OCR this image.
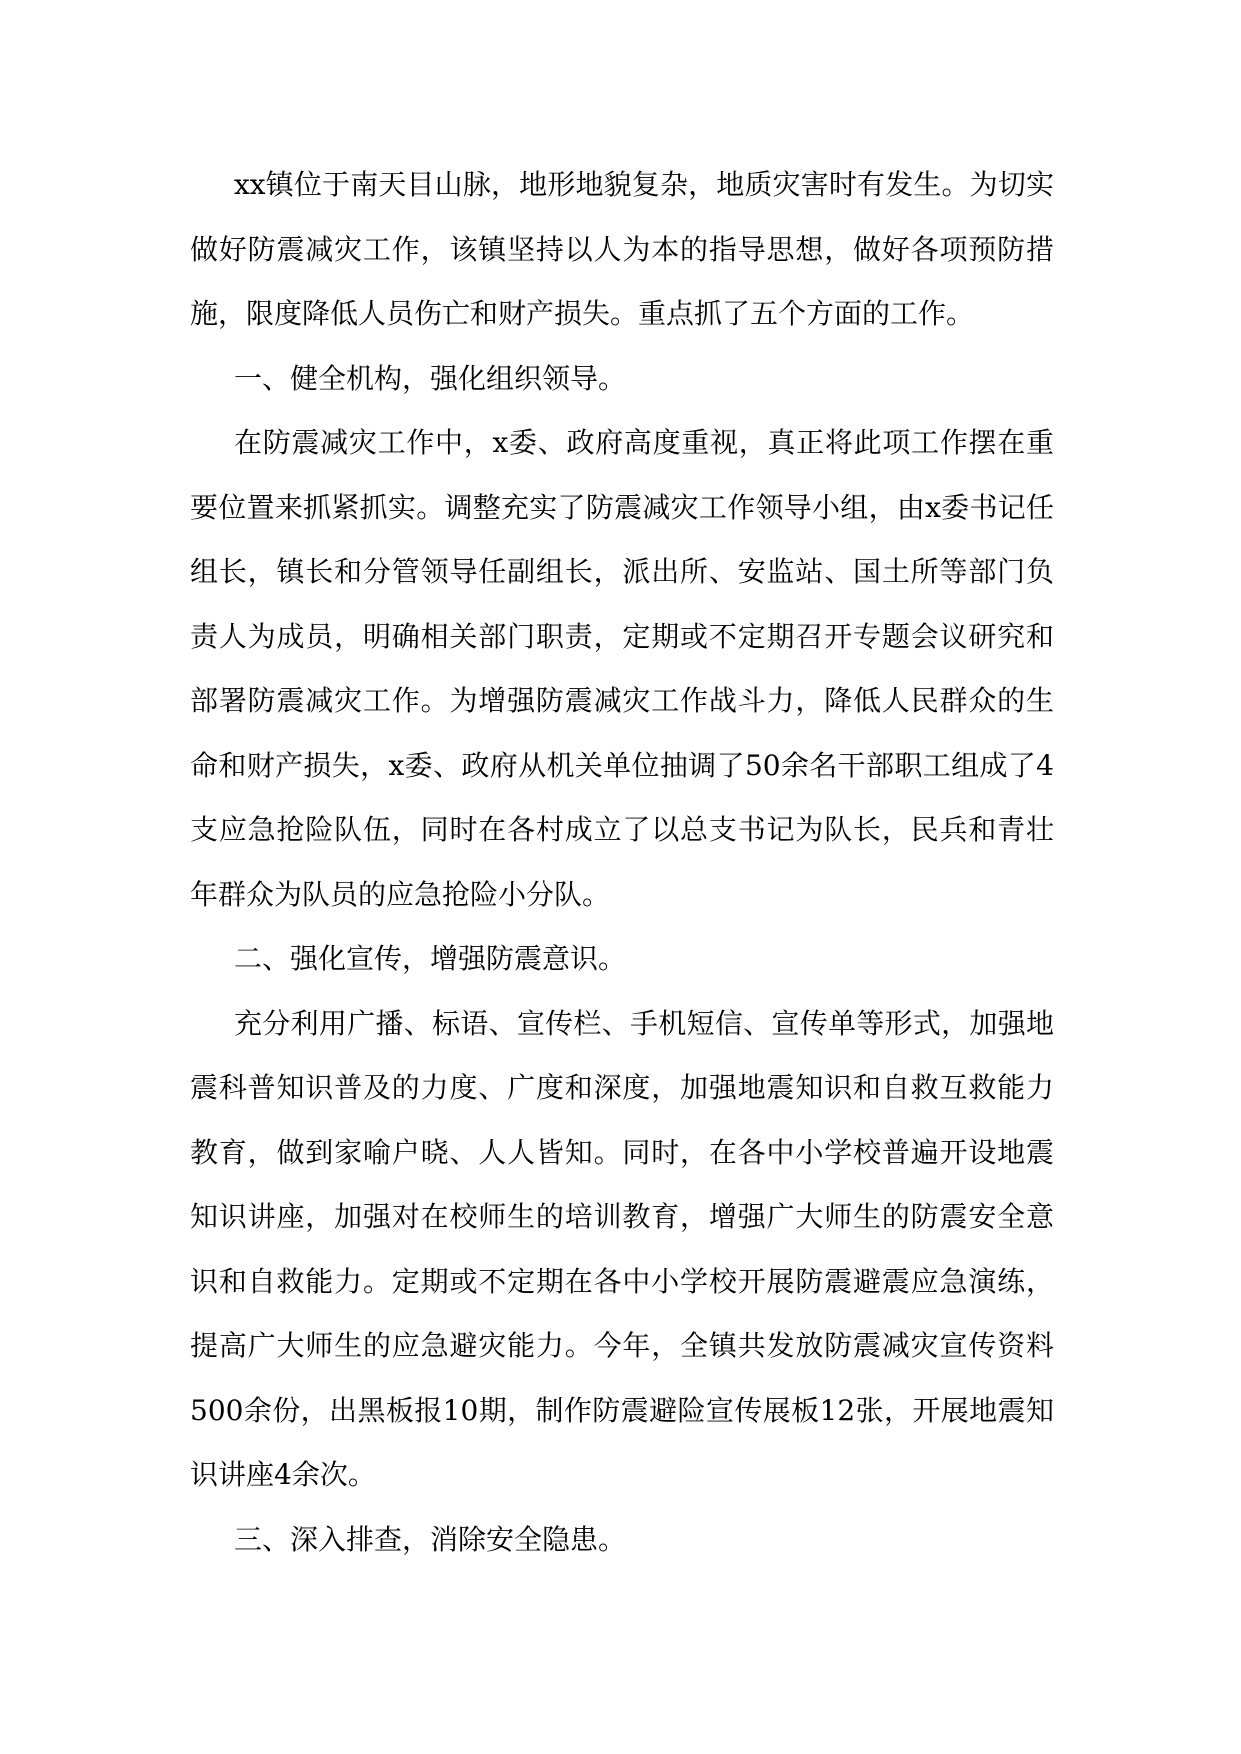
xx镇位于南天目山脉，地形地貌复杂，地质灾害时有发生。为切实做好防震减灾工作，该镇坚持以人为本的指导思想，做好各项预防措施，限度降低人员伤亡和财产损失。重点抓了五个方面的工作。

一、健全机构，强化组织领导。

在防震减灾工作中，x委、政府高度重视，真正将此项工作摆在重要位置来抓紧抓实。调整充实了防震减灾工作领导小组，由x委书记任组长，镇长和分管领导任副组长，派出所、安监站、国土所等部门负责人为成员，明确相关部门职责，定期或不定期召开专题会议研究和部署防震减灾工作。为增强防震减灾工作战斗力，降低人民群众的生命和财产损失，x委、政府从机关单位抽调了50余名干部职工组成了4支应急抢险队伍，同时在各村成立了以总支书记为队长，民兵和青壮年群众为队员的应急抢险小分队。

二、强化宣传，增强防震意识。

充分利用广播、标语、宣传栏、手机短信、宣传单等形式，加强地震科普知识普及的力度、广度和深度，加强地震知识和自救互救能力教育，做到家喻户晓、人人皆知。同时，在各中小学校普遍开设地震知识讲座，加强对在校师生的培训教育，增强广大师生的防震安全意识和自救能力。定期或不定期在各中小学校开展防震避震应急演练，提高广大师生的应急避灾能力。今年，全镇共发放防震减灾宣传资料500余份，出黑板报10期，制作防震避险宣传展板12张，开展地震知识讲座4余次。

三、深入排查，消除安全隐患。
